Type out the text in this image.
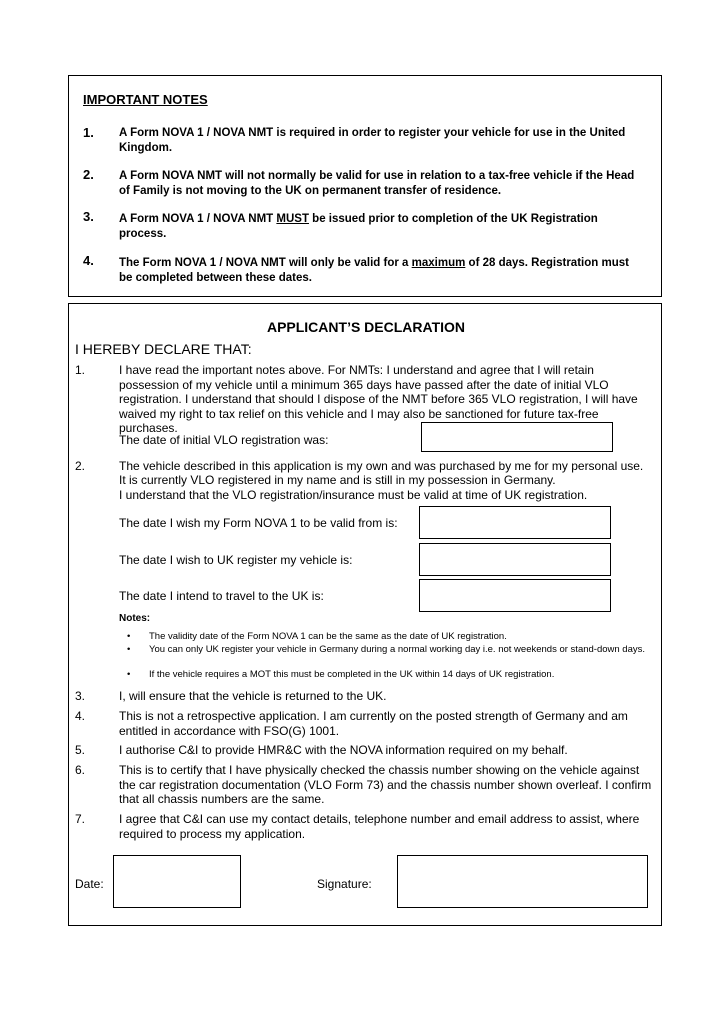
IMPORTANT NOTES
1. A Form NOVA 1 / NOVA NMT is required in order to register your vehicle for use in the United Kingdom.
2. A Form NOVA NMT will not normally be valid for use in relation to a tax-free vehicle if the Head of Family is not moving to the UK on permanent transfer of residence.
3. A Form NOVA 1 / NOVA NMT MUST be issued prior to completion of the UK Registration process.
4. The Form NOVA 1 / NOVA NMT will only be valid for a maximum of 28 days. Registration must be completed between these dates.
APPLICANT’S DECLARATION
I HEREBY DECLARE THAT:
1.	I have read the important notes above. For NMTs: I understand and agree that I will retain possession of my vehicle until a minimum 365 days have passed after the date of initial VLO registration. I understand that should I dispose of the NMT before 365 VLO registration, I will have waived my right to tax relief on this vehicle and I may also be sanctioned for future tax-free purchases.
The date of initial VLO registration was:
2.	The vehicle described in this application is my own and was purchased by me for my personal use.
It is currently VLO registered in my name and is still in my possession in Germany.
I understand that the VLO registration/insurance must be valid at time of UK registration.
The date I wish my Form NOVA 1 to be valid from is:
The date I wish to UK register my vehicle is:
The date I intend to travel to the UK is:
Notes:
• The validity date of the Form NOVA 1 can be the same as the date of UK registration.
• You can only UK register your vehicle in Germany during a normal working day i.e. not weekends or stand-down days.
• If the vehicle requires a MOT this must be completed in the UK within 14 days of UK registration.
3.	I, will ensure that the vehicle is returned to the UK.
4.	This is not a retrospective application. I am currently on the posted strength of Germany and am entitled in accordance with FSO(G) 1001.
5.	I authorise C&I to provide HMR&C with the NOVA information required on my behalf.
6.	This is to certify that I have physically checked the chassis number showing on the vehicle against the car registration documentation (VLO Form 73) and the chassis number shown overleaf. I confirm that all chassis numbers are the same.
7.	I agree that C&I can use my contact details, telephone number and email address to assist, where required to process my application.
Date:	Signature:
